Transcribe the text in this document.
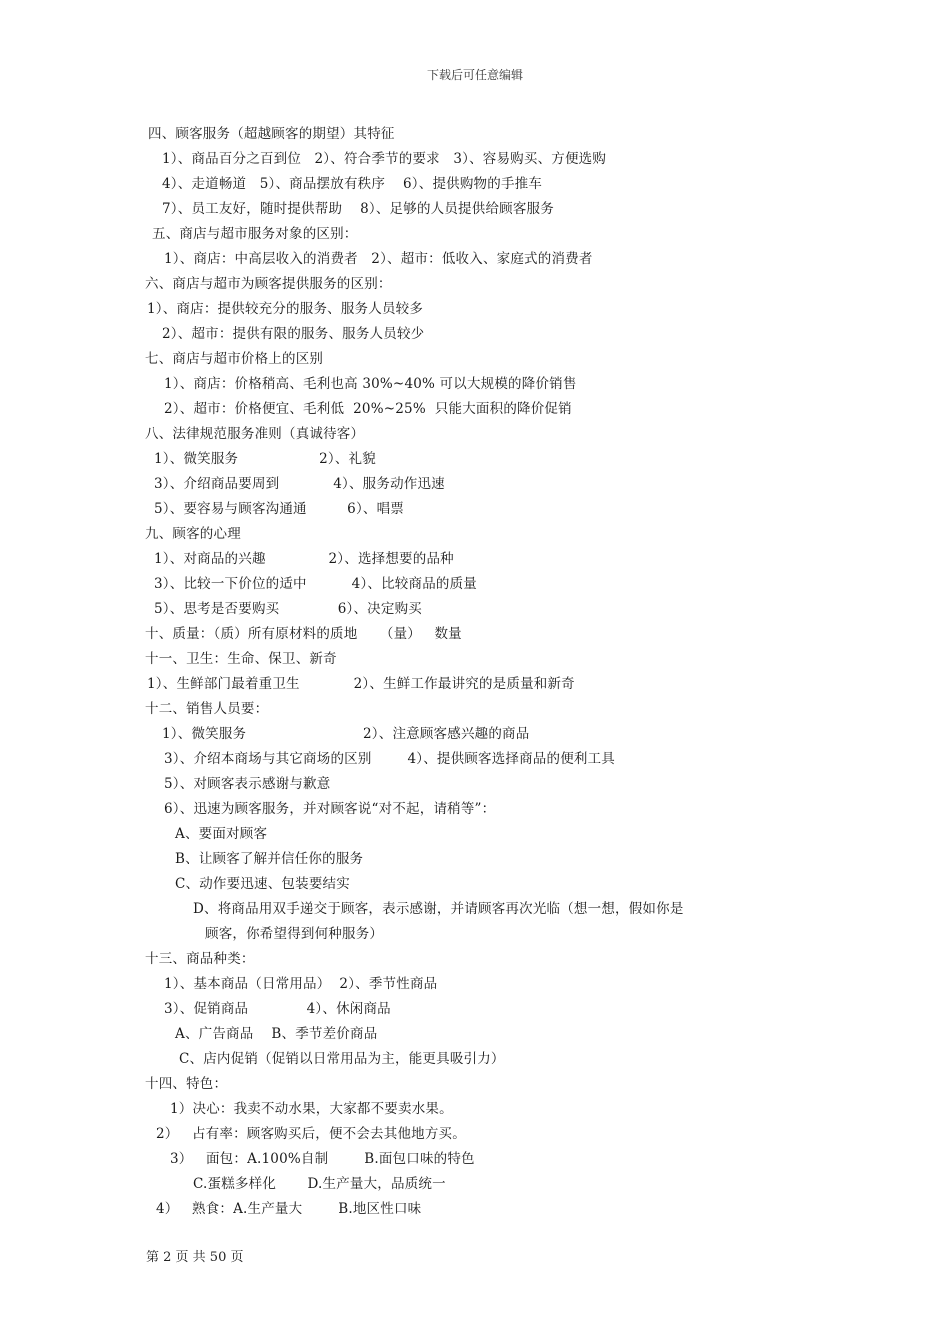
下载后可任意编辑
四、顾客服务（超越顾客的期望）其特征
1）、商品百分之百到位   2）、符合季节的要求   3）、容易购买、方便选购
4）、走道畅道   5）、商品摆放有秩序    6）、提供购物的手推车
7）、员工友好，随时提供帮助    8）、足够的人员提供给顾客服务
五、商店与超市服务对象的区别：
1）、商店：中高层收入的消费者   2）、超市：低收入、家庭式的消费者
六、商店与超市为顾客提供服务的区别：
1）、商店：提供较充分的服务、服务人员较多
2）、超市：提供有限的服务、服务人员较少
七、商店与超市价格上的区别
1）、商店：价格稍高、毛利也高 30%~40% 可以大规模的降价销售
2）、超市：价格便宜、毛利低  20%~25%  只能大面积的降价促销
八、法律规范服务准则（真诚待客）
1）、微笑服务                  2）、礼貌
3）、介绍商品要周到            4）、服务动作迅速
5）、要容易与顾客沟通通         6）、唱票
九、顾客的心理
1）、对商品的兴趣              2）、选择想要的品种
3）、比较一下价位的适中          4）、比较商品的质量
5）、思考是否要购买             6）、决定购买
十、质量：（质）所有原材料的质地     （量）   数量
十一、卫生：生命、保卫、新奇
1）、生鲜部门最着重卫生            2）、生鲜工作最讲究的是质量和新奇
十二、销售人员要：
1）、微笑服务                          2）、注意顾客感兴趣的商品
3）、介绍本商场与其它商场的区别        4）、提供顾客选择商品的便利工具
5）、对顾客表示感谢与歉意
6）、迅速为顾客服务，并对顾客说“对不起，请稍等”：
A、要面对顾客
B、让顾客了解并信任你的服务
C、动作要迅速、包装要结实
D、将商品用双手递交于顾客，表示感谢，并请顾客再次光临（想一想，假如你是
顾客，你希望得到何种服务）
十三、商品种类：
1）、基本商品（日常用品）  2）、季节性商品
3）、促销商品             4）、休闲商品
A、广告商品    B、季节差价商品
C、店内促销（促销以日常用品为主，能更具吸引力）
十四、特色：
1）决心：我卖不动水果，大家都不要卖水果。
2）   占有率：顾客购买后，便不会去其他地方买。
3）   面包：A.100%自制        B.面包口味的特色
C.蛋糕多样化       D.生产量大，品质统一
4）   熟食：A.生产量大        B.地区性口味
第 2 页 共 50 页
